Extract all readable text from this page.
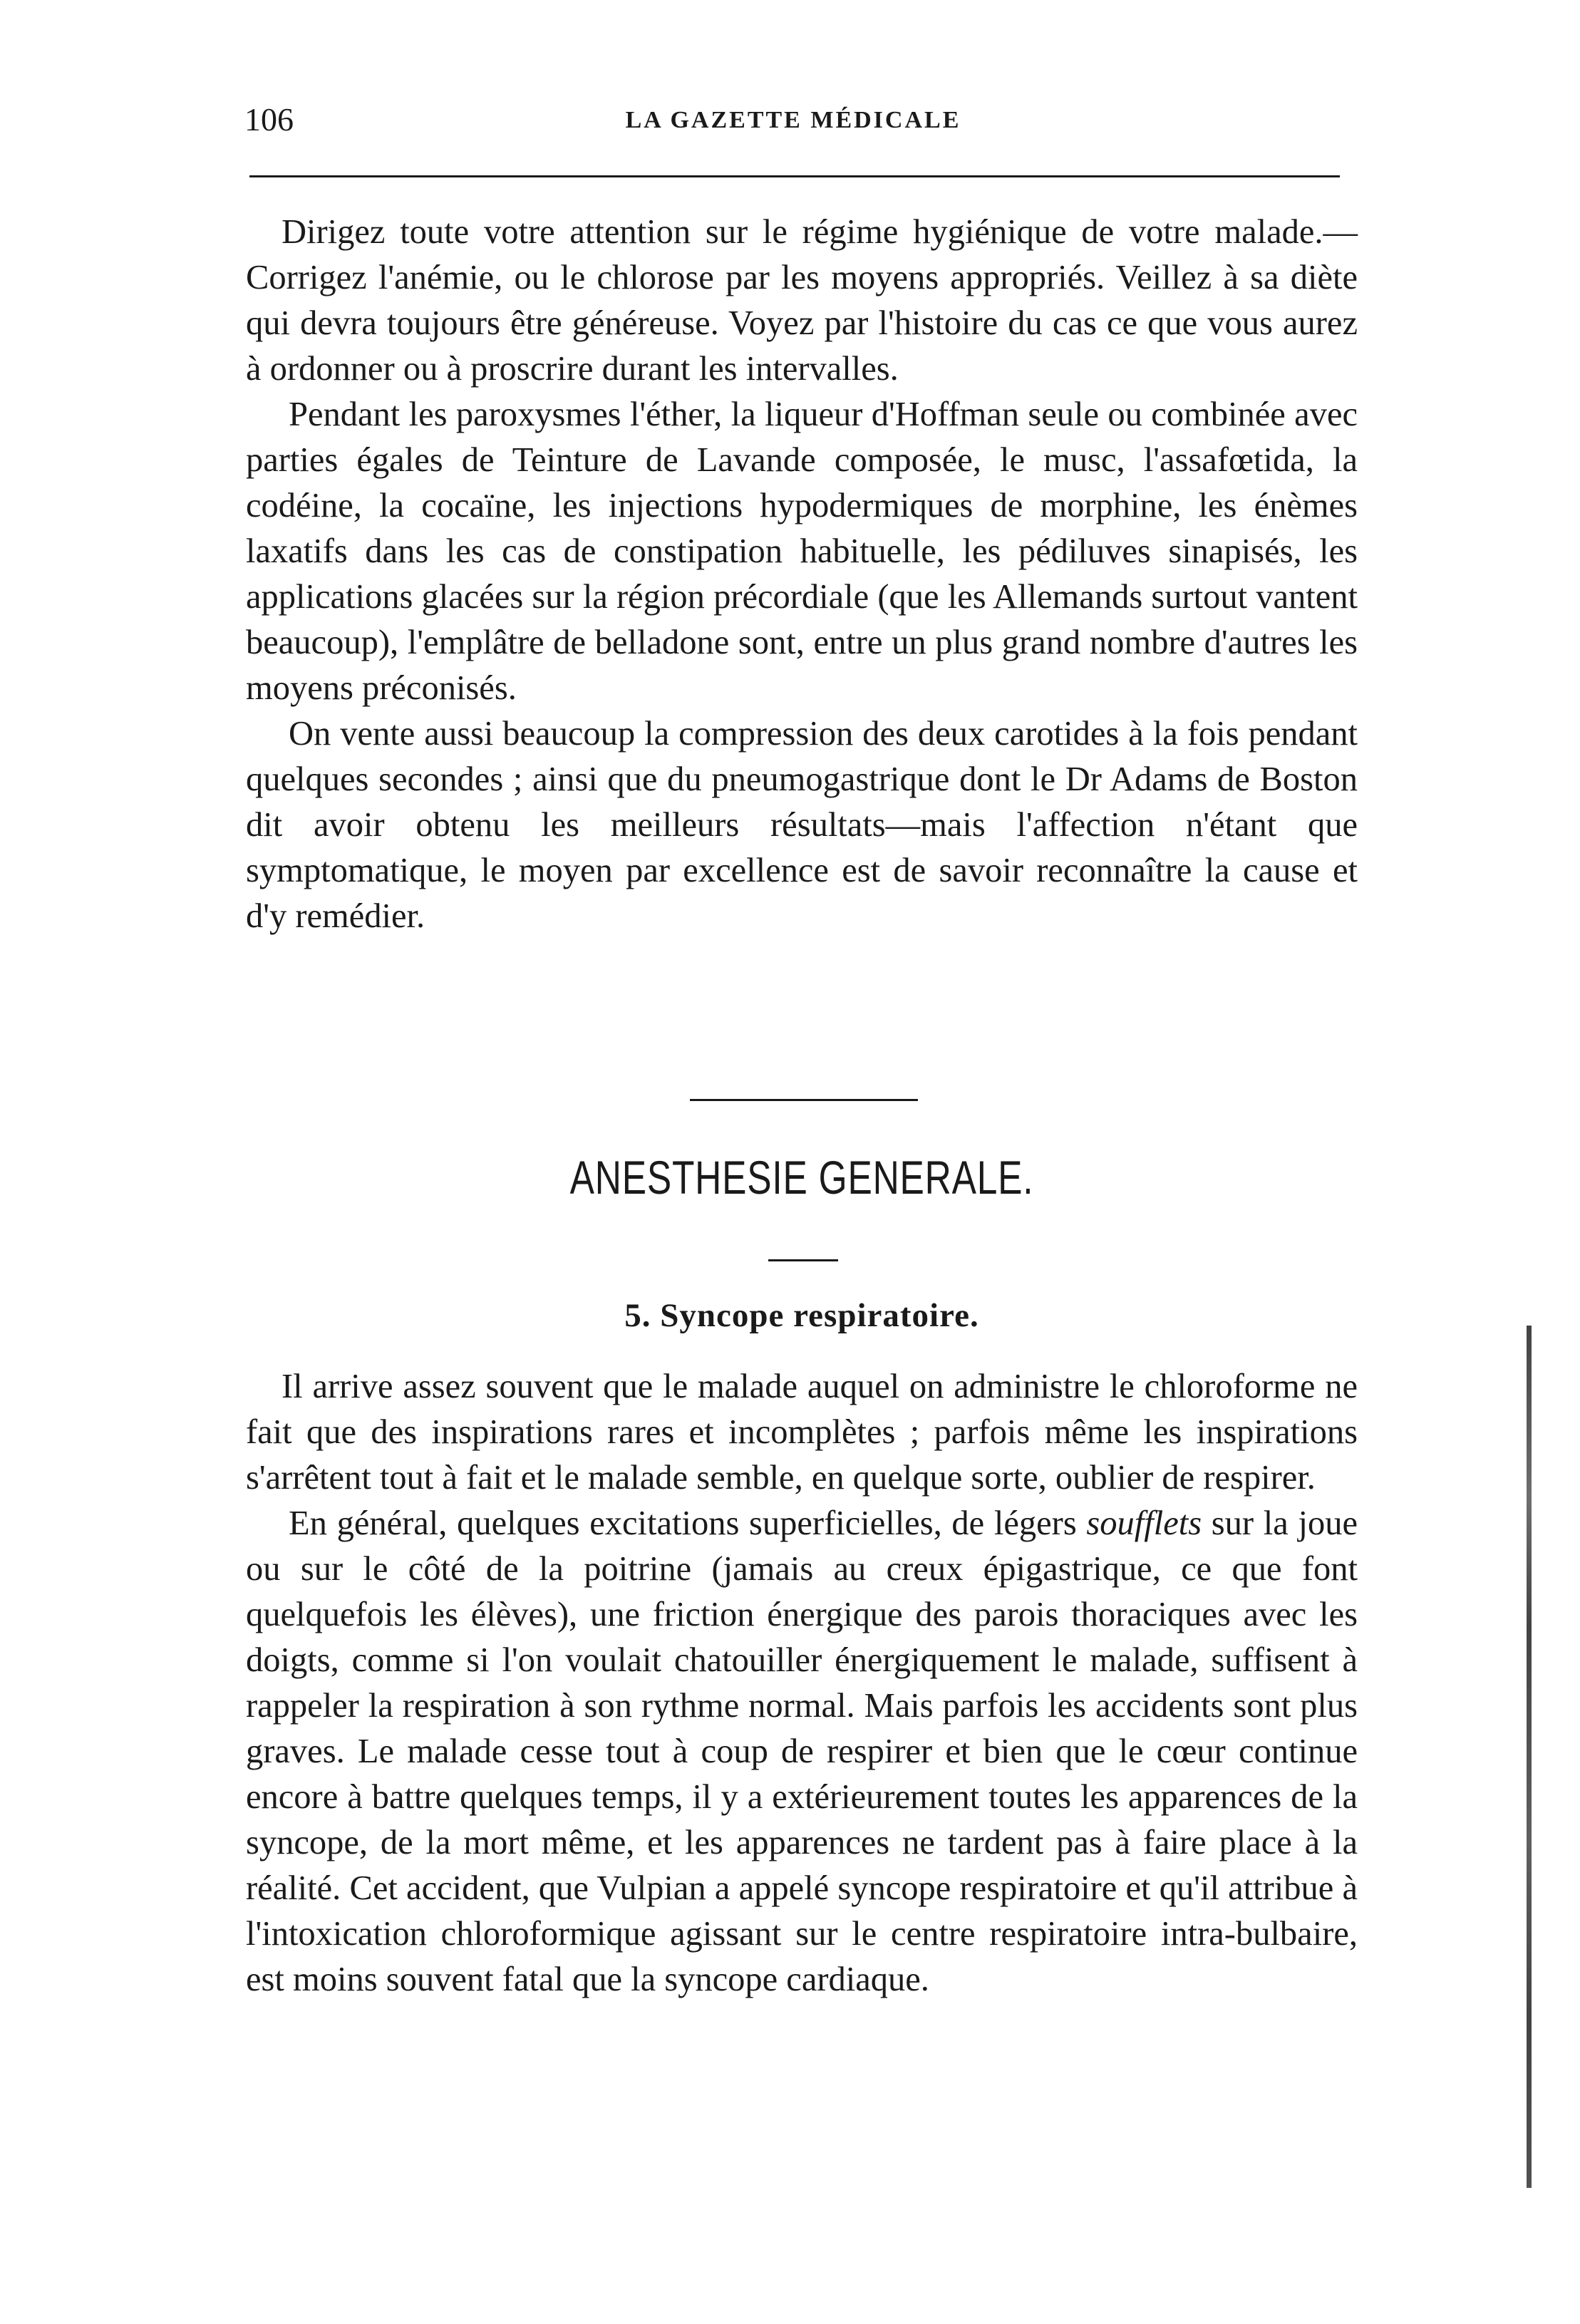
106	LA GAZETTE MÉDICALE

Dirigez toute votre attention sur le régime hygiénique de votre malade.—Corrigez l'anémie, ou le chlorose par les moyens appropriés. Veillez à sa diète qui devra toujours être généreuse. Voyez par l'histoire du cas ce que vous aurez à ordonner ou à proscrire durant les intervalles.

Pendant les paroxysmes l'éther, la liqueur d'Hoffman seule ou combinée avec parties égales de Teinture de Lavande composée, le musc, l'assafœtida, la codéine, la cocaïne, les injections hypodermiques de morphine, les énèmes laxatifs dans les cas de constipation habituelle, les pédiluves sinapisés, les applications glacées sur la région précordiale (que les Allemands surtout vantent beaucoup), l'emplâtre de belladone sont, entre un plus grand nombre d'autres les moyens préconisés.

On vente aussi beaucoup la compression des deux carotides à la fois pendant quelques secondes ; ainsi que du pneumogastrique dont le Dr Adams de Boston dit avoir obtenu les meilleurs résultats—mais l'affection n'étant que symptomatique, le moyen par excellence est de savoir reconnaître la cause et d'y remédier.

ANESTHESIE GENERALE.
5. Syncope respiratoire.

Il arrive assez souvent que le malade auquel on administre le chloroforme ne fait que des inspirations rares et incomplètes ; parfois même les inspirations s'arrêtent tout à fait et le malade semble, en quelque sorte, oublier de respirer.

En général, quelques excitations superficielles, de légers soufflets sur la joue ou sur le côté de la poitrine (jamais au creux épigastrique, ce que font quelquefois les élèves), une friction énergique des parois thoraciques avec les doigts, comme si l'on voulait chatouiller énergiquement le malade, suffisent à rappeler la respiration à son rythme normal. Mais parfois les accidents sont plus graves. Le malade cesse tout à coup de respirer et bien que le cœur continue encore à battre quelques temps, il y a extérieurement toutes les apparences de la syncope, de la mort même, et les apparences ne tardent pas à faire place à la réalité. Cet accident, que Vulpian a appelé syncope respiratoire et qu'il attribue à l'intoxication chloroformique agissant sur le centre respiratoire intra-bulbaire, est moins souvent fatal que la syncope cardiaque.
